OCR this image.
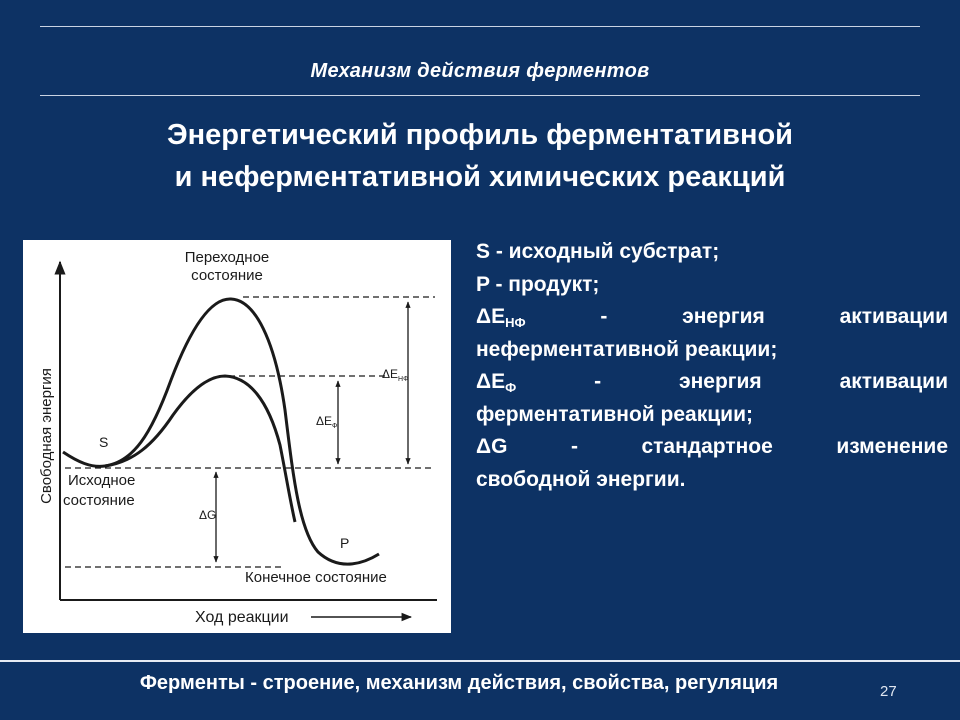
Механизм действия ферментов
Энергетический профиль ферментативной
и неферментативной химических реакций
Переходное
состояние
S
Исходное
состояние
P
Конечное состояние
$\Delta E_{НФ}$
$\Delta E_Ф$
ΔG
Свободная энергия
Ход реакции

S - исходный субстрат;

P - продукт;

$\Delta E_{НФ}$  -  энергия  активации

неферментативной реакции;

$\Delta E_Ф$  -  энергия  активации

ферментативной реакции;

ΔG  -  стандартное  изменение

свободной энергии.

Ферменты - строение, механизм действия, свойства, регуляция	27
